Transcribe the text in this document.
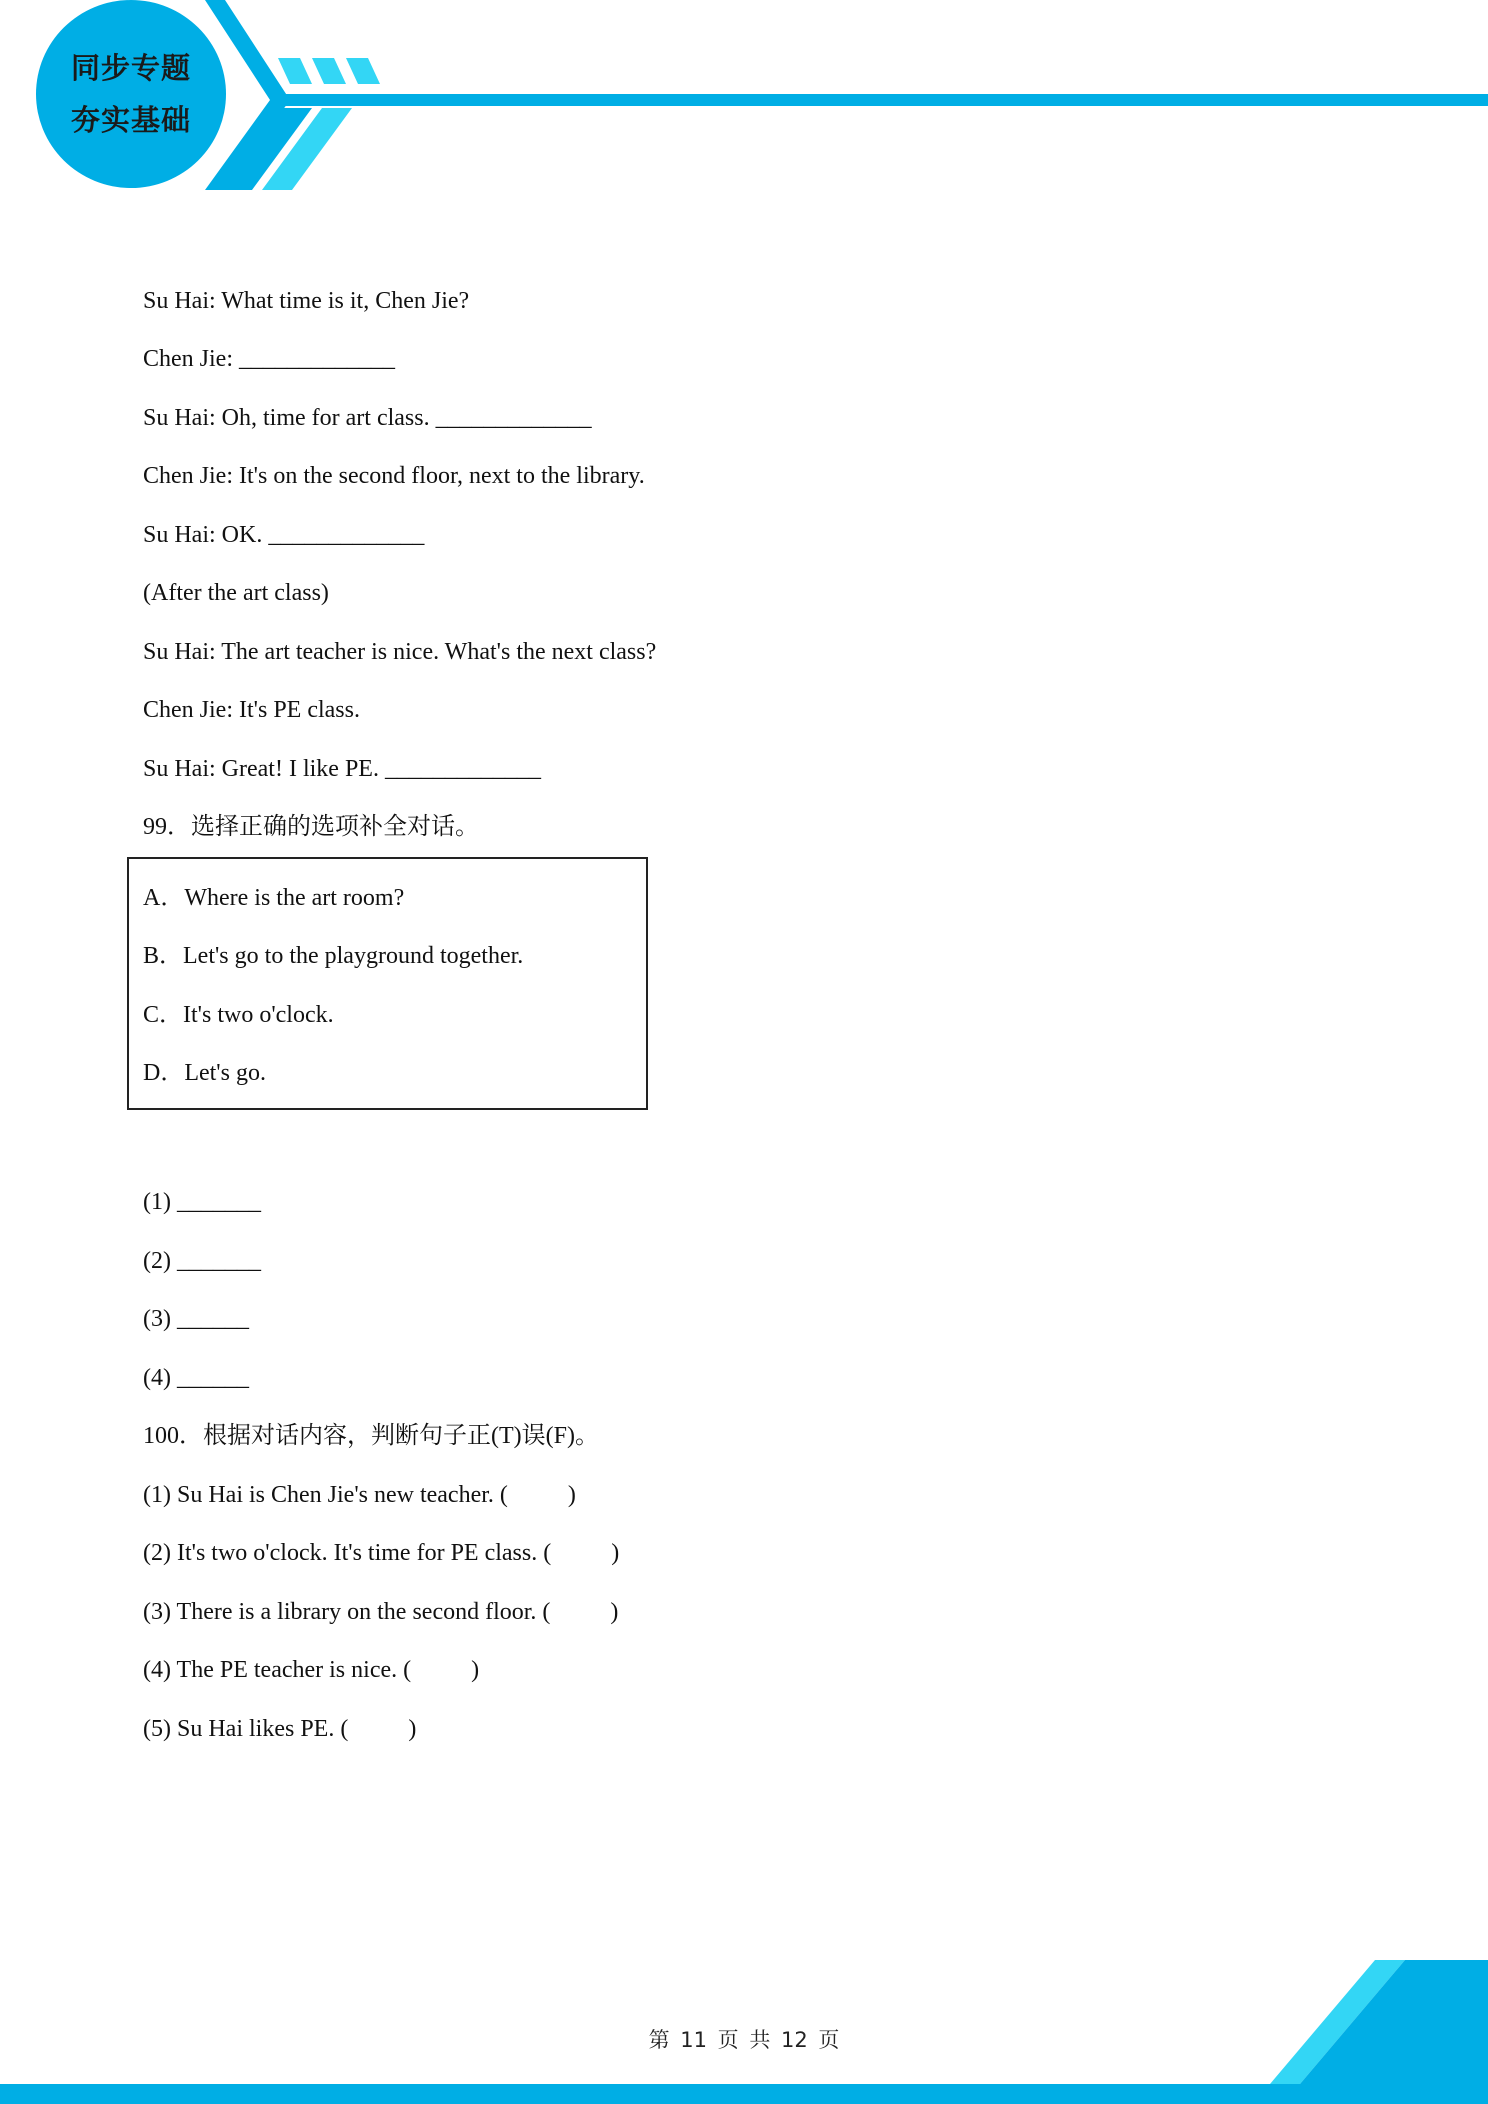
同步专题
夯实基础
Su Hai: What time is it, Chen Jie?
Chen Jie: _____________
Su Hai: Oh, time for art class. _____________
Chen Jie: It's on the second floor, next to the library.
Su Hai: OK. _____________
(After the art class)
Su Hai: The art teacher is nice. What's the next class?
Chen Jie: It's PE class.
Su Hai: Great! I like PE. _____________
99．选择正确的选项补全对话。
A．Where is the art room?
B．Let's go to the playground together.
C．It's two o'clock.
D．Let's go.
(1) _______
(2) _______
(3) ______
(4) ______
100．根据对话内容，判断句子正(T)误(F)。
(1) Su Hai is Chen Jie's new teacher. (          )
(2) It's two o'clock. It's time for PE class. (          )
(3) There is a library on the second floor. (          )
(4) The PE teacher is nice. (          )
(5) Su Hai likes PE. (          )
第 11 页 共 12 页
